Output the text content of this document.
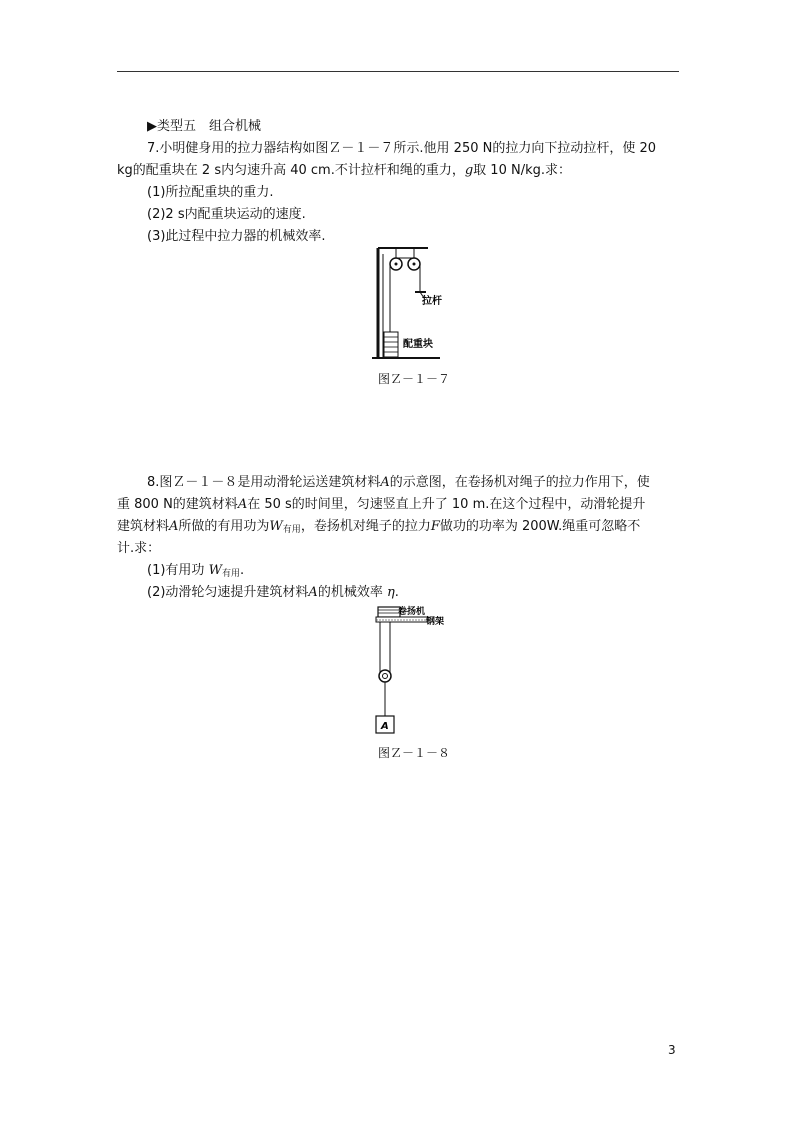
▶类型五　组合机械
7.小明健身用的拉力器结构如图Ｚ－１－７所示.他用 250 N的拉力向下拉动拉杆，使 20
kg的配重块在 2 s内匀速升高 40 cm.不计拉杆和绳的重力，g取 10 N/kg.求：
(1)所拉配重块的重力.
(2)2 s内配重块运动的速度.
(3)此过程中拉力器的机械效率.
拉杆
配重块
图Ｚ－１－７
8.图Ｚ－１－８是用动滑轮运送建筑材料A的示意图，在卷扬机对绳子的拉力作用下，使
重 800 N的建筑材料A在 50 s的时间里，匀速竖直上升了 10 m.在这个过程中，动滑轮提升
建筑材料A所做的有用功为$W_{有用}$，卷扬机对绳子的拉力F做功的功率为 200W.绳重可忽略不
计.求：
(1)有用功 $W_{有用}$.
(2)动滑轮匀速提升建筑材料A的机械效率 η.
卷扬机
钢架
A
图Ｚ－１－８
3
